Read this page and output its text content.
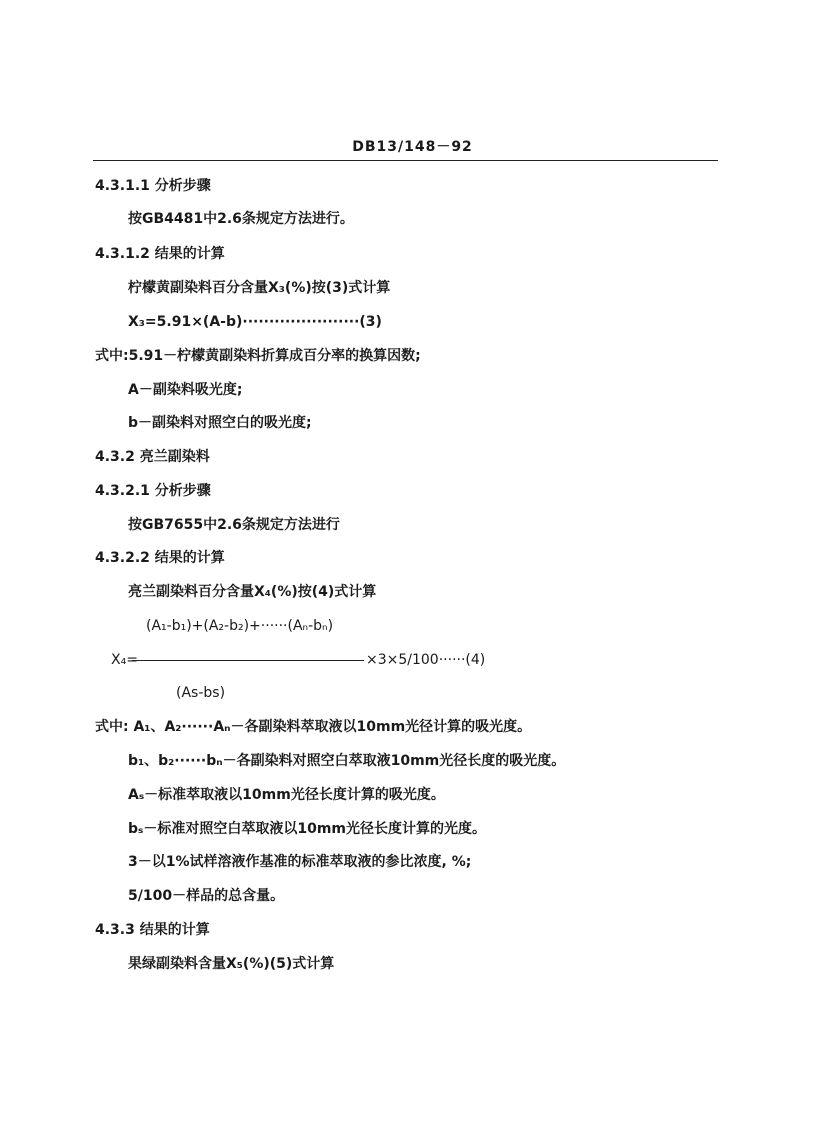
DB13/148－92
4.3.1.1 分析步骤
按GB4481中2.6条规定方法进行。
4.3.1.2 结果的计算
柠檬黄副染料百分含量X₃(%)按(3)式计算
X₃=5.91×(A-b)······················(3)
式中:5.91－柠檬黄副染料折算成百分率的换算因数;
A－副染料吸光度;
b－副染料对照空白的吸光度;
4.3.2 亮兰副染料
4.3.2.1 分析步骤
按GB7655中2.6条规定方法进行
4.3.2.2 结果的计算
亮兰副染料百分含量X₄(%)按(4)式计算
(A₁-b₁)+(A₂-b₂)+······(Aₙ-bₙ)
X₄=	×3×5/100······(4)
(As-bs)
式中: A₁、A₂······Aₙ－各副染料萃取液以10mm光径计算的吸光度。
b₁、b₂······bₙ－各副染料对照空白萃取液10mm光径长度的吸光度。
Aₛ－标准萃取液以10mm光径长度计算的吸光度。
bₛ－标准对照空白萃取液以10mm光径长度计算的光度。
3－以1%试样溶液作基准的标准萃取液的参比浓度, %;
5/100－样品的总含量。
4.3.3 结果的计算
果绿副染料含量X₅(%)(5)式计算
